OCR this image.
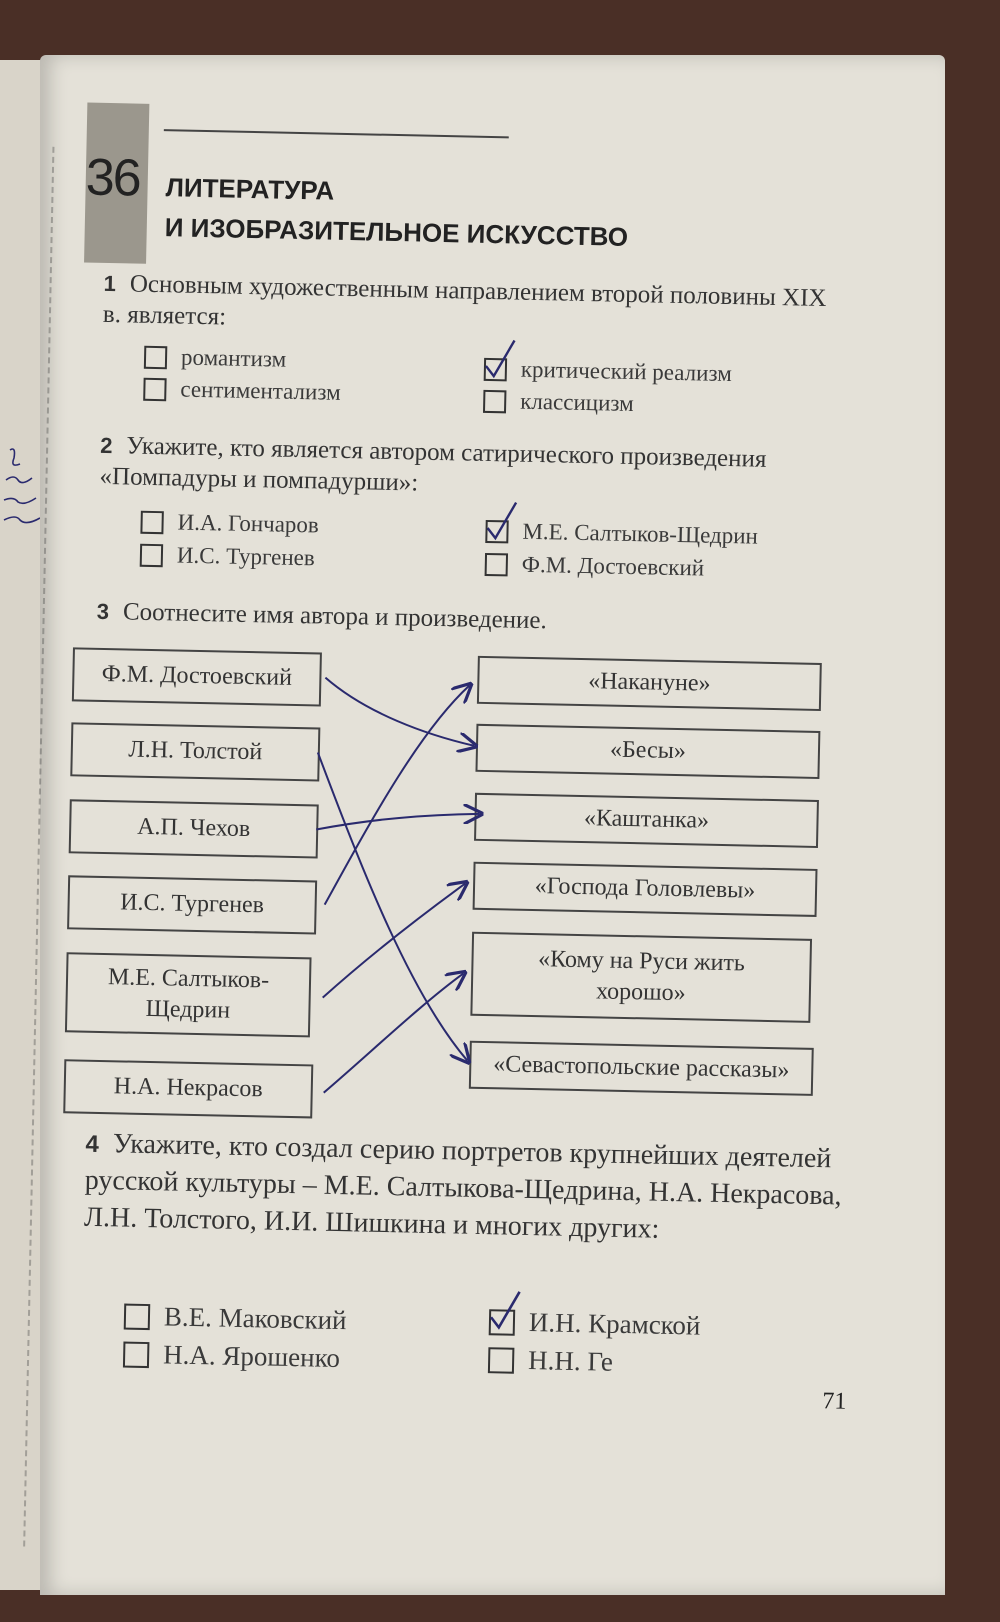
36 ЛИТЕРАТУРА
И ИЗОБРАЗИТЕЛЬНОЕ ИСКУССТВО
1 Основным художественным направлением второй половины XIX в. является:
романтизм
сентиментализм
критический реализм
классицизм
2 Укажите, кто является автором сатирического произведения «Помпадуры и помпадурши»:
И.А. Гончаров
И.С. Тургенев
М.Е. Салтыков-Щедрин
Ф.М. Достоевский
3 Соотнесите имя автора и произведение.
Ф.М. Достоевский
Л.Н. Толстой
А.П. Чехов
И.С. Тургенев
М.Е. Салтыков-Щедрин
Н.А. Некрасов
«Накануне»
«Бесы»
«Каштанка»
«Господа Головлевы»
«Кому на Руси жить хорошо»
«Севастопольские рассказы»
4 Укажите, кто создал серию портретов крупнейших деятелей русской культуры – М.Е. Салтыкова-Щедрина, Н.А. Некрасова, Л.Н. Толстого, И.И. Шишкина и многих других:
В.Е. Маковский
Н.А. Ярошенко
И.Н. Крамской
Н.Н. Ге
71
